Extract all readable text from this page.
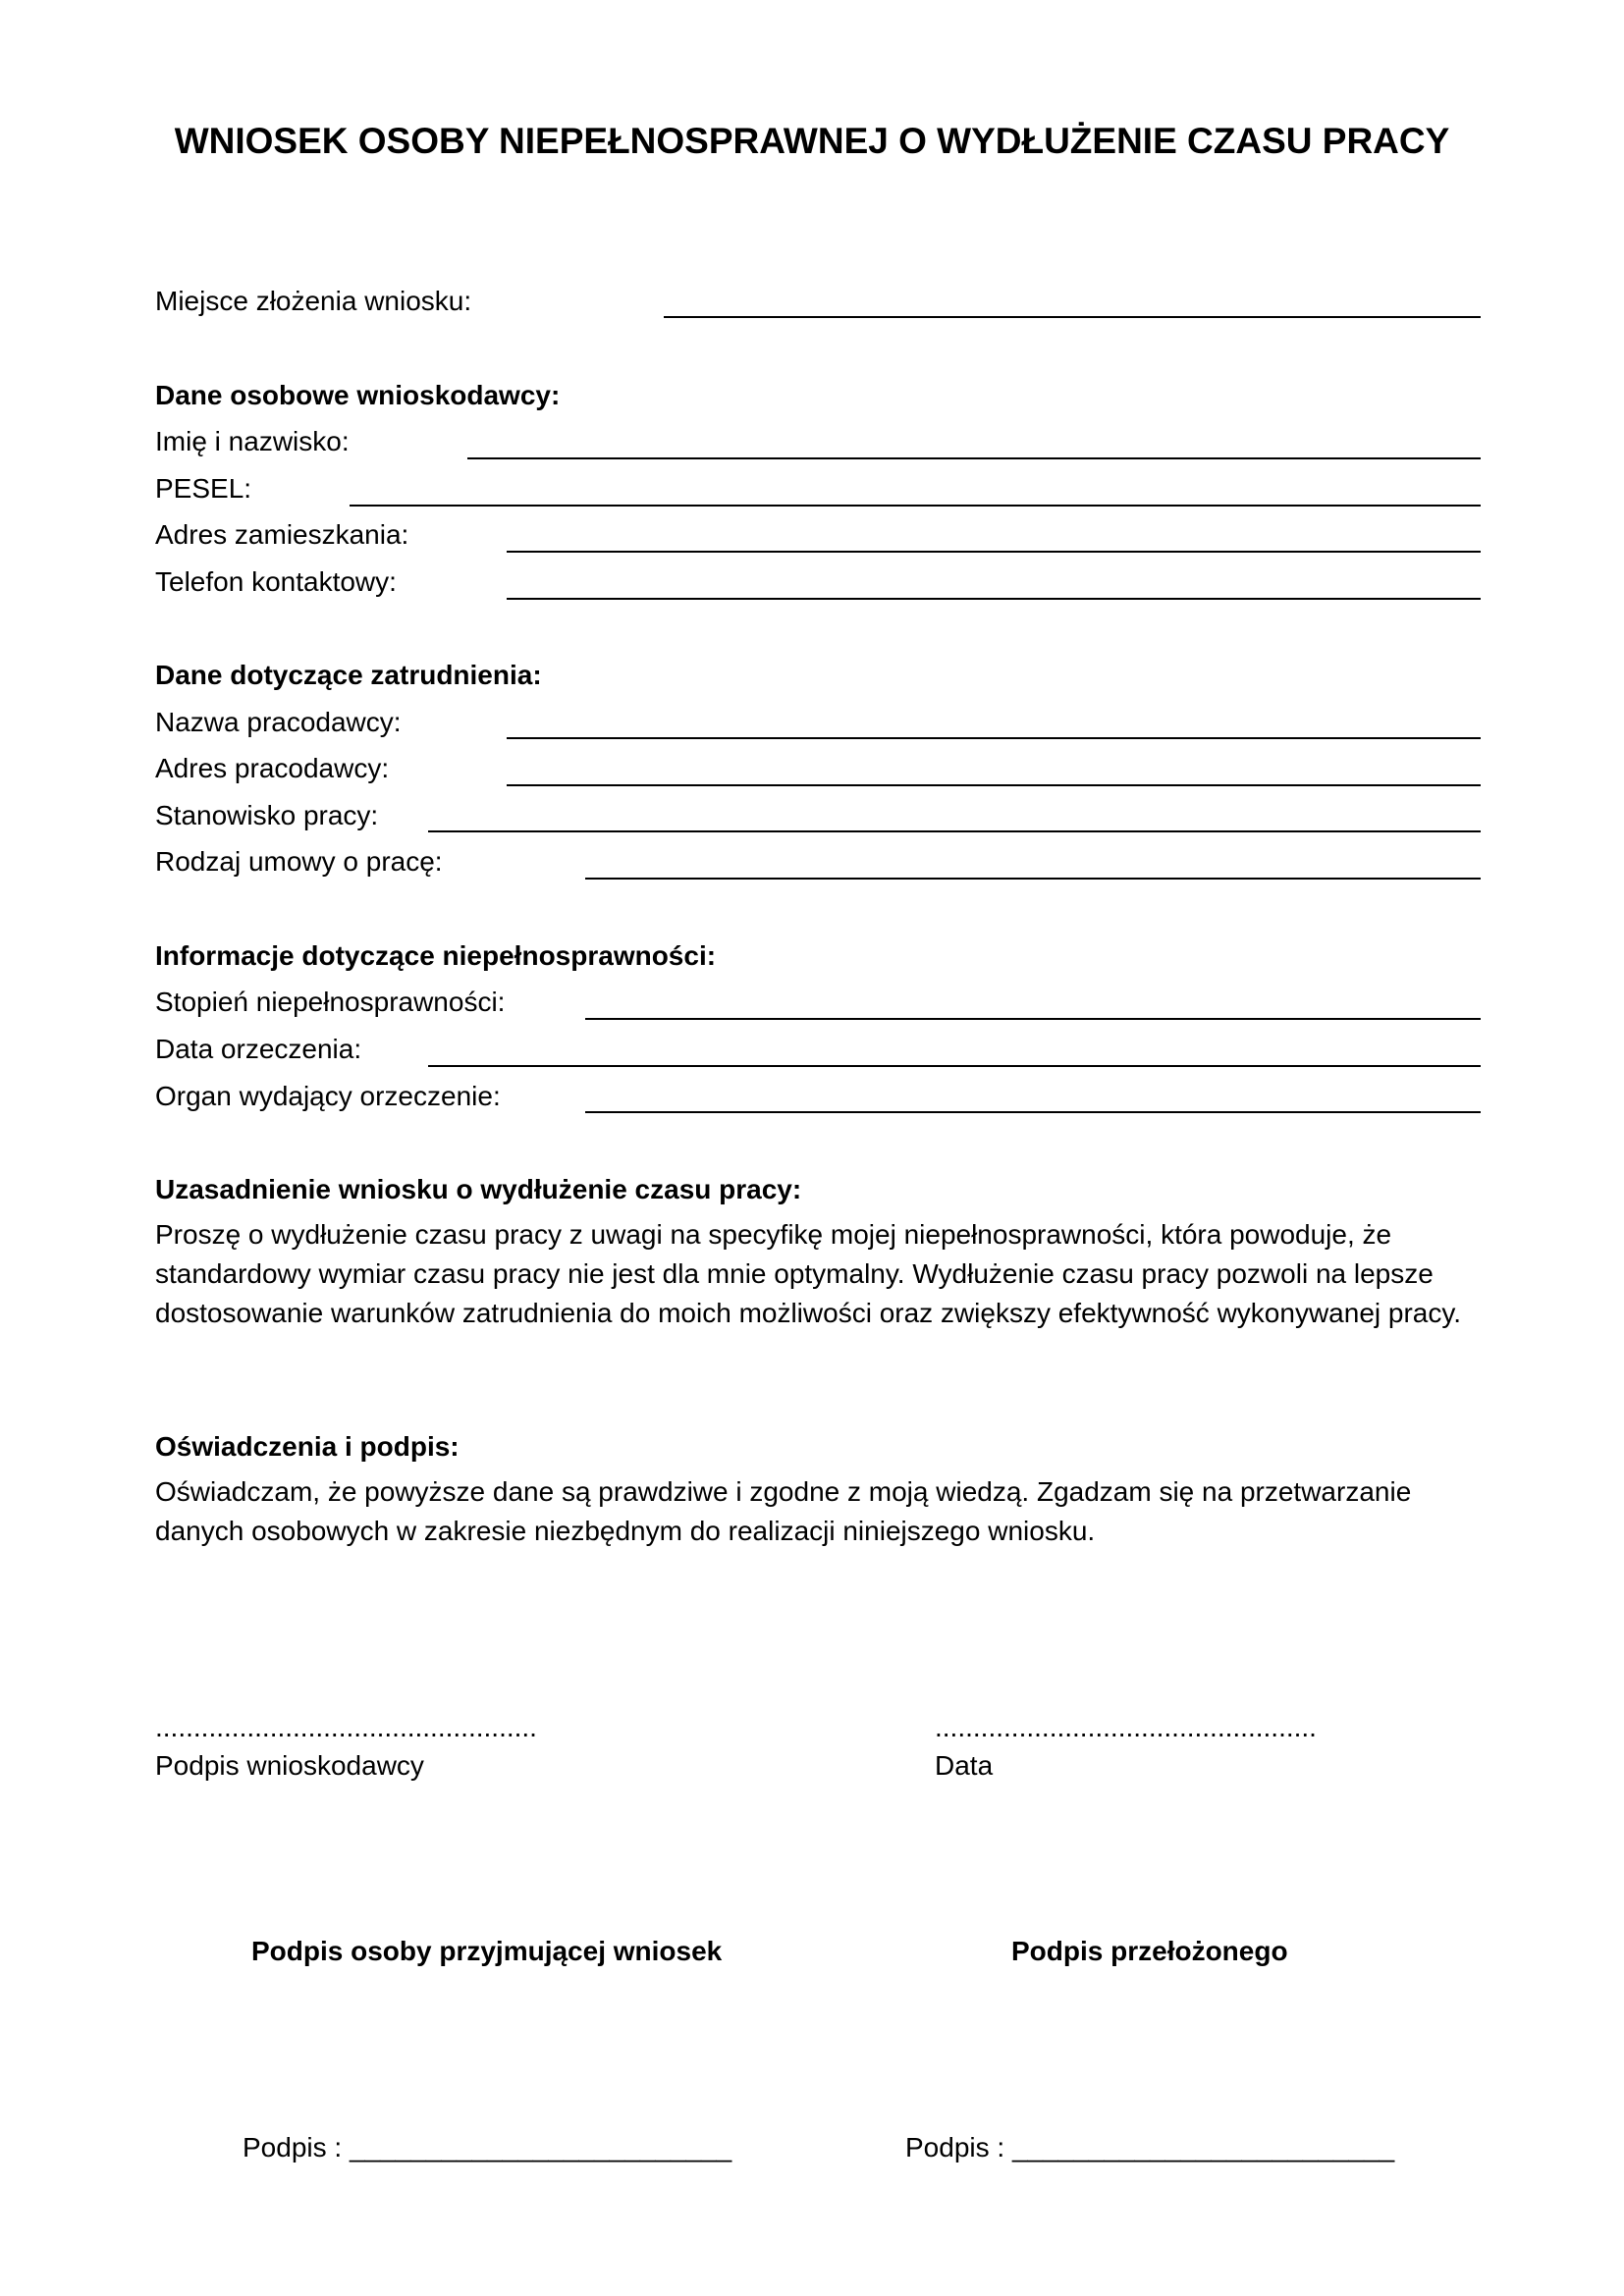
WNIOSEK OSOBY NIEPEŁNOSPRAWNEJ O WYDŁUŻENIE CZASU PRACY
Miejsce złożenia wniosku:
Dane osobowe wnioskodawcy:
Imię i nazwisko:
PESEL:
Adres zamieszkania:
Telefon kontaktowy:
Dane dotyczące zatrudnienia:
Nazwa pracodawcy:
Adres pracodawcy:
Stanowisko pracy:
Rodzaj umowy o pracę:
Informacje dotyczące niepełnosprawności:
Stopień niepełnosprawności:
Data orzeczenia:
Organ wydający orzeczenie:
Uzasadnienie wniosku o wydłużenie czasu pracy:
Proszę o wydłużenie czasu pracy z uwagi na specyfikę mojej niepełnosprawności, która powoduje, że standardowy wymiar czasu pracy nie jest dla mnie optymalny. Wydłużenie czasu pracy pozwoli na lepsze dostosowanie warunków zatrudnienia do moich możliwości oraz zwiększy efektywność wykonywanej pracy.
Oświadczenia i podpis:
Oświadczam, że powyższe dane są prawdziwe i zgodne z moją wiedzą. Zgadzam się na przetwarzanie danych osobowych w zakresie niezbędnym do realizacji niniejszego wniosku.
..................................................
Podpis wnioskodawcy
..................................................
Data
Podpis osoby przyjmującej wniosek	Podpis przełożonego
Podpis : _________________________	Podpis : _________________________
